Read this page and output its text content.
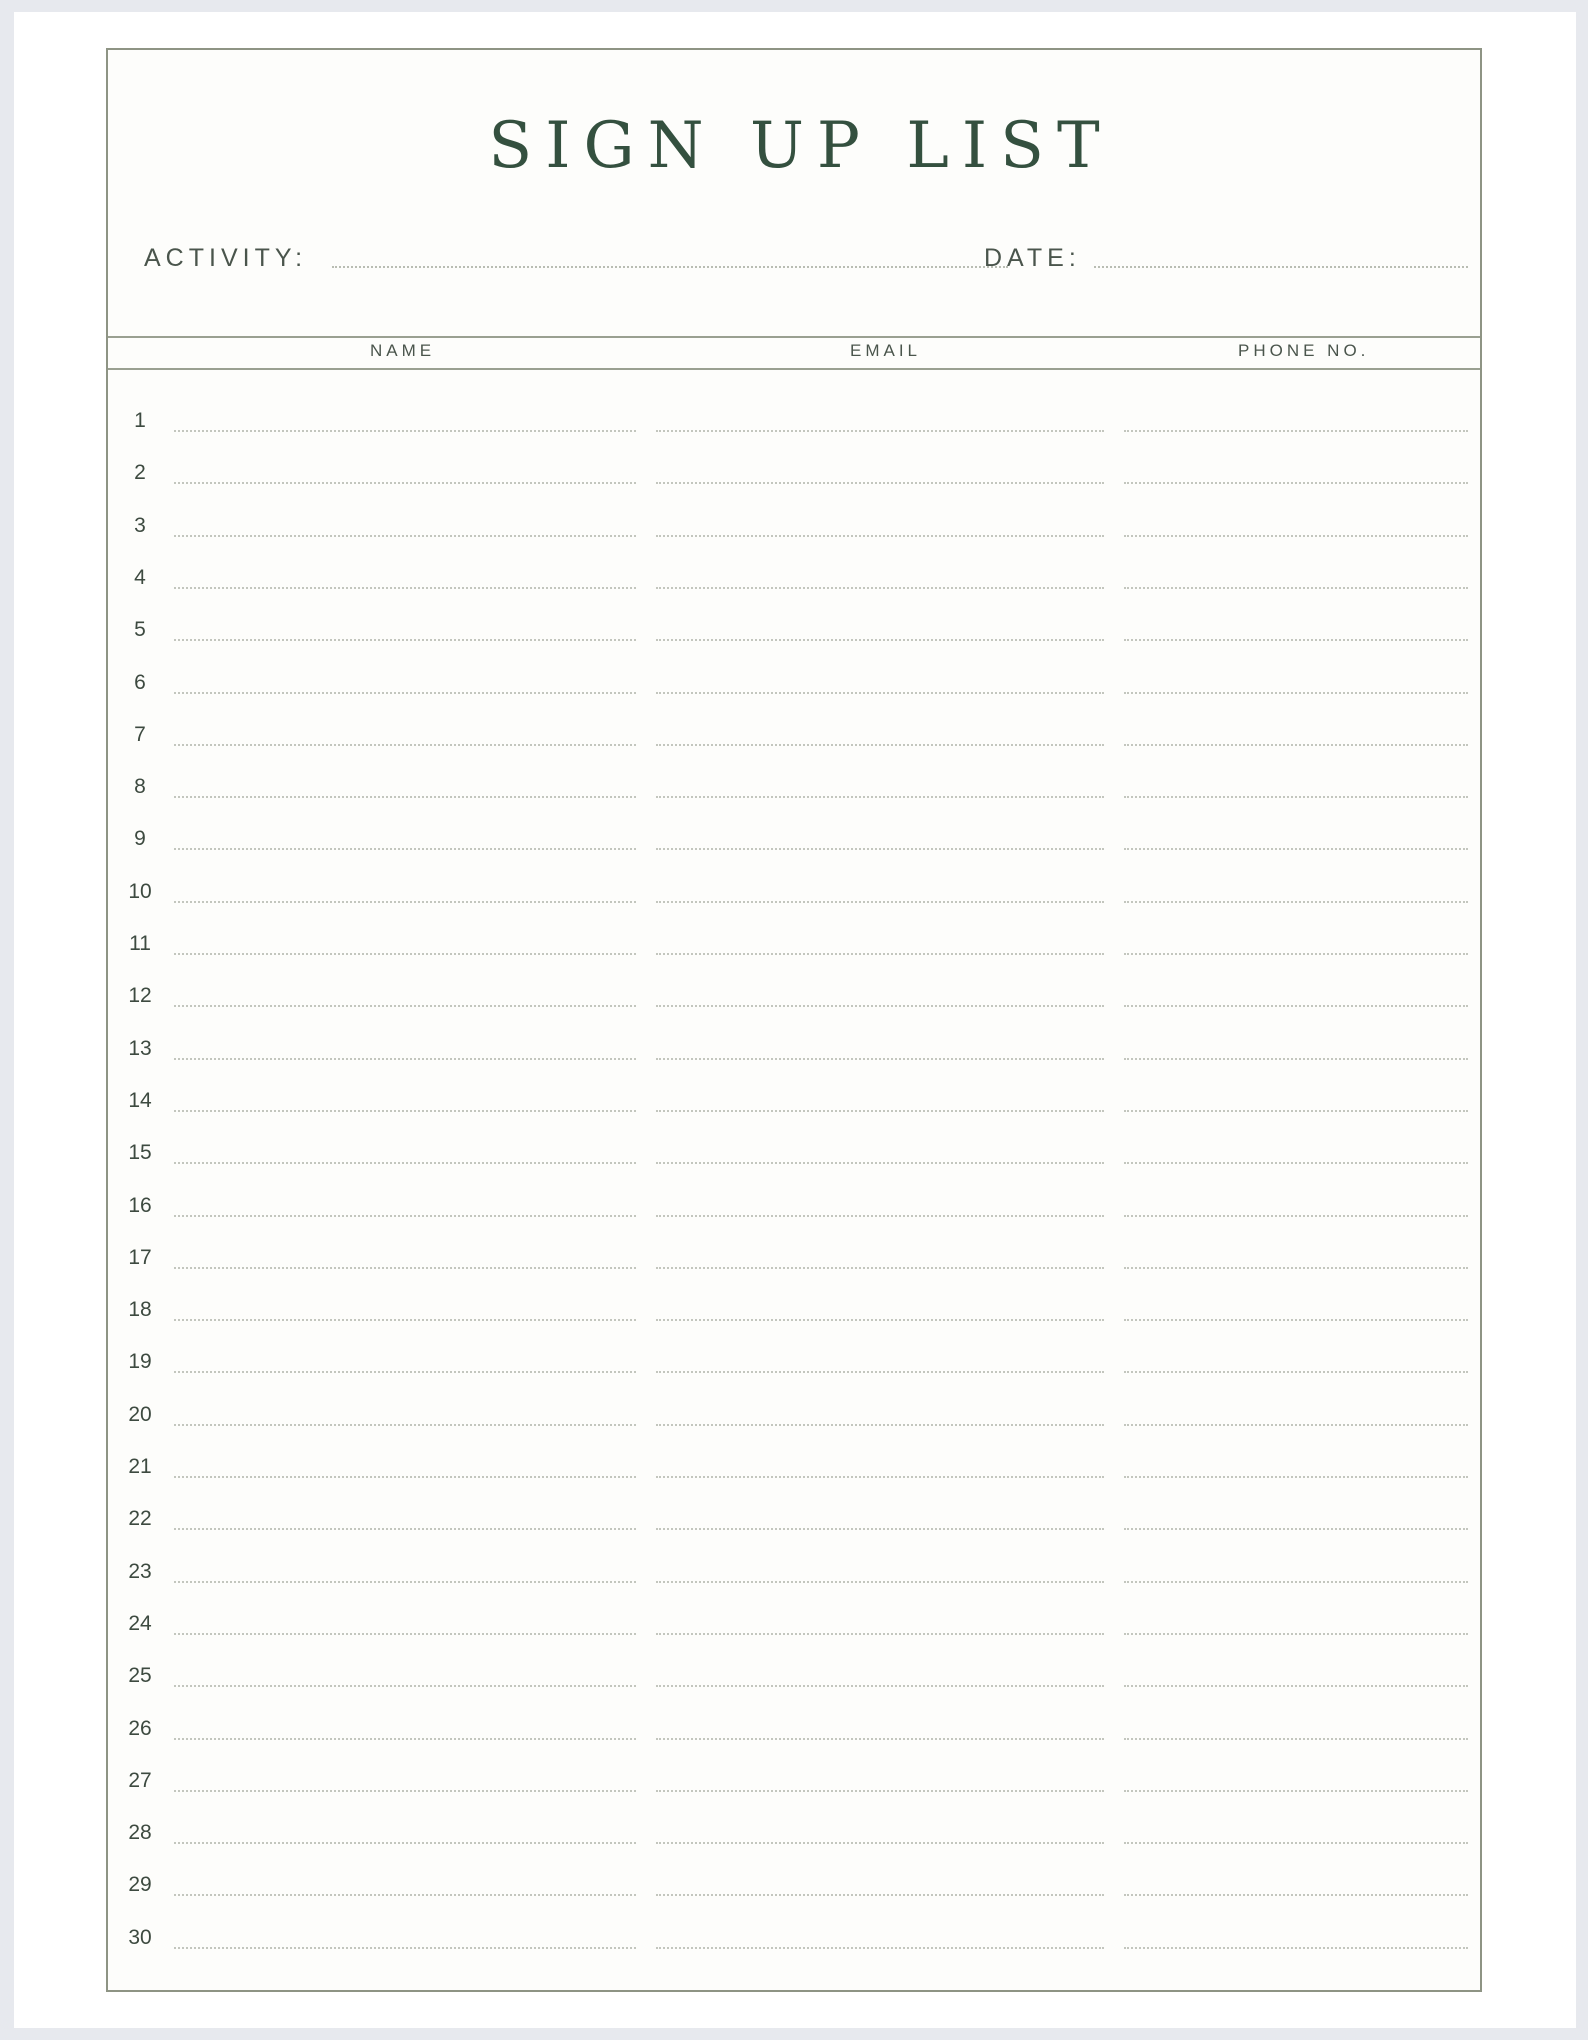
SIGN UP LIST
ACTIVITY:	DATE:
NAME	EMAIL	PHONE NO.
1
2
3
4
5
6
7
8
9
10
11
12
13
14
15
16
17
18
19
20
21
22
23
24
25
26
27
28
29
30
